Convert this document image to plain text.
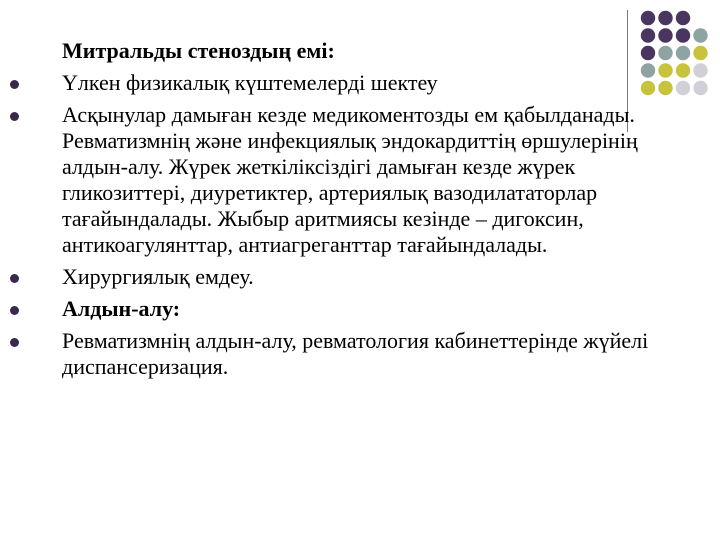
Митральды стеноздың емі:

Үлкен физикалық күштемелерді шектеу

Асқынулар дамыған кезде медикоментозды ем қабылданады. Ревматизмнің және инфекциялық эндокардиттің өршулерінің алдын-алу. Жүрек жеткіліксіздігі дамыған кезде жүрек гликозиттері, диуретиктер, артериялық вазодилататорлар тағайындалады. Жыбыр аритмиясы кезінде – дигоксин, антикоагулянттар, антиагреганттар тағайындалады.

Хирургиялық емдеу.

Алдын-алу:

Ревматизмнің алдын-алу, ревматология кабинеттерінде жүйелі диспансеризация.
